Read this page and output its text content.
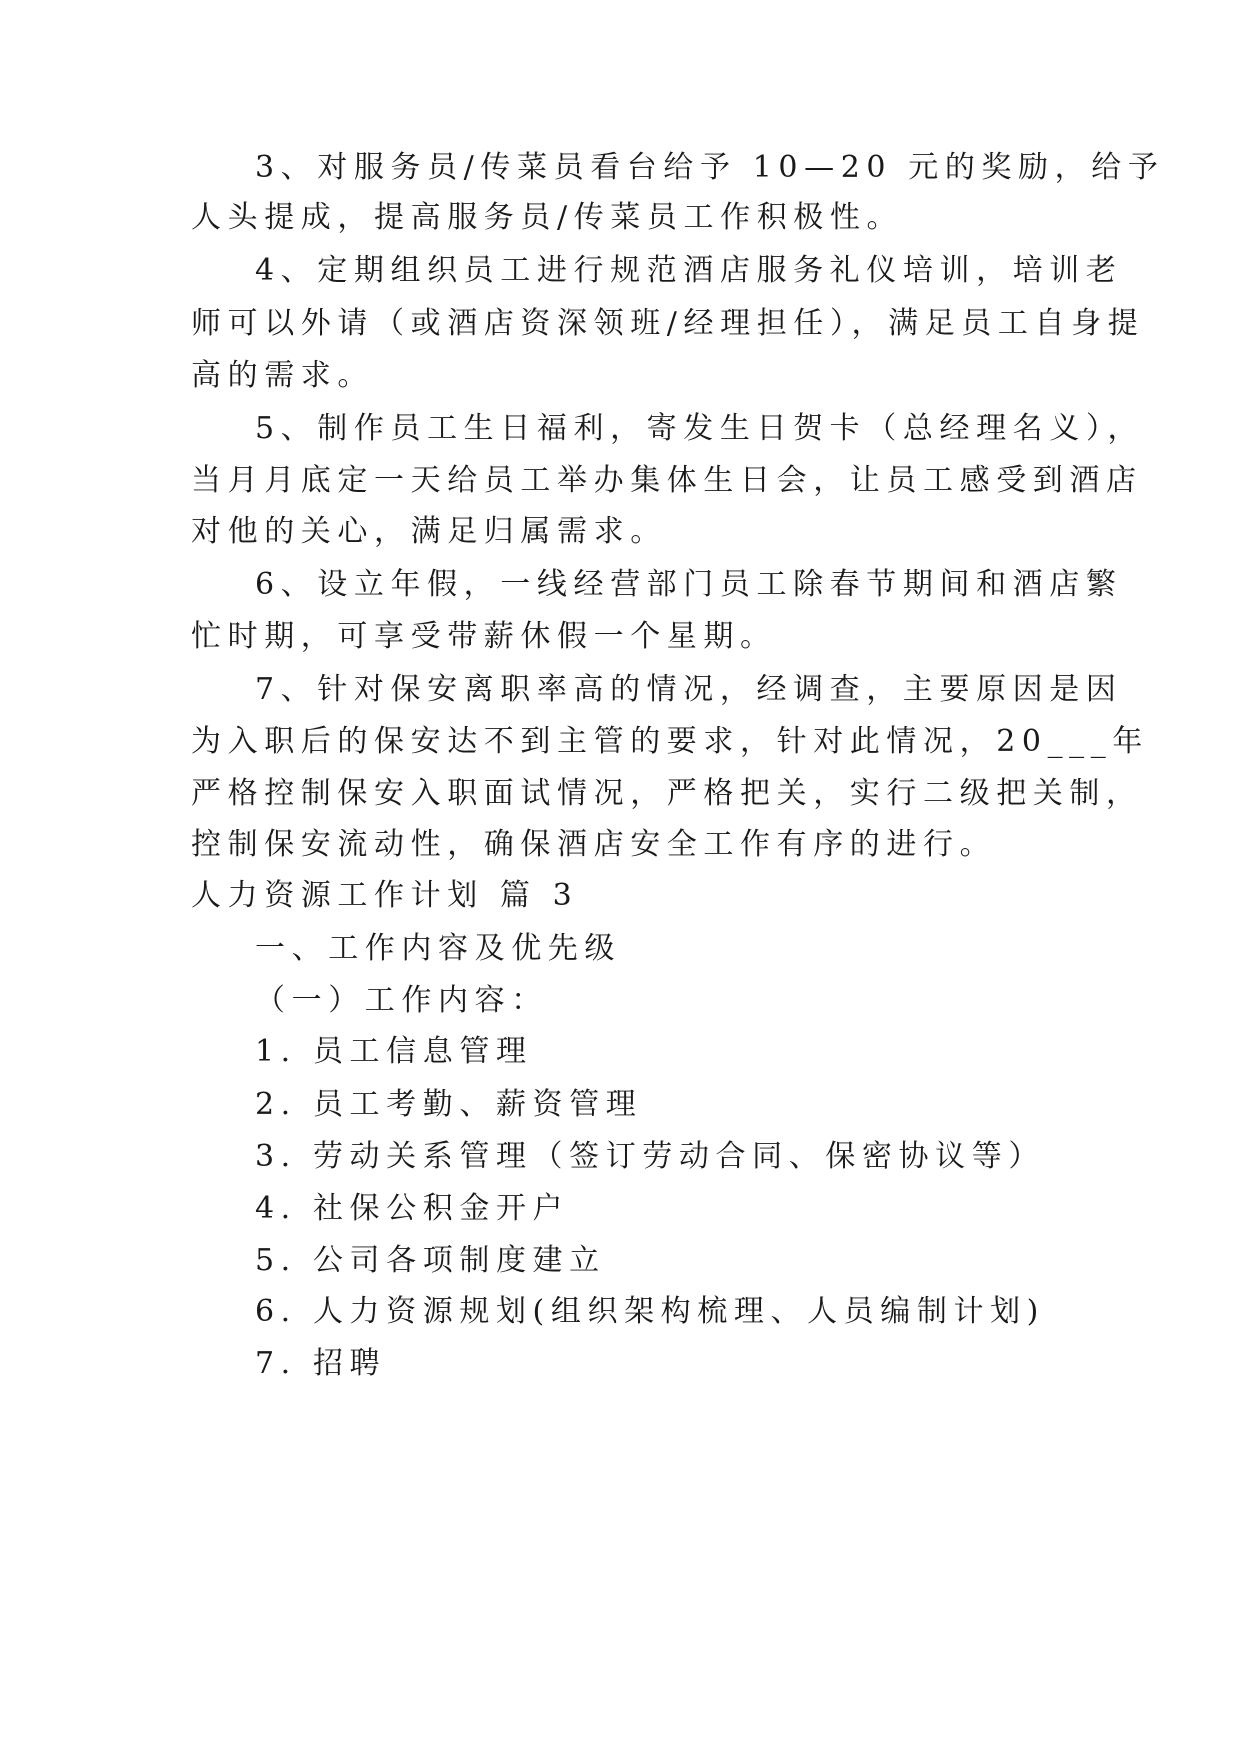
3、对服务员/传菜员看台给予 10—20 元的奖励，给予
人头提成，提高服务员/传菜员工作积极性。
4、定期组织员工进行规范酒店服务礼仪培训，培训老
师可以外请（或酒店资深领班/经理担任），满足员工自身提
高的需求。
5、制作员工生日福利，寄发生日贺卡（总经理名义），
当月月底定一天给员工举办集体生日会，让员工感受到酒店
对他的关心，满足归属需求。
6、设立年假，一线经营部门员工除春节期间和酒店繁
忙时期，可享受带薪休假一个星期。
7、针对保安离职率高的情况，经调查，主要原因是因
为入职后的保安达不到主管的要求，针对此情况，20___年
严格控制保安入职面试情况，严格把关，实行二级把关制，
控制保安流动性，确保酒店安全工作有序的进行。
人力资源工作计划 篇 3
一、工作内容及优先级
（一）工作内容：
1. 员工信息管理
2. 员工考勤、薪资管理
3. 劳动关系管理（签订劳动合同、保密协议等）
4. 社保公积金开户
5. 公司各项制度建立
6. 人力资源规划(组织架构梳理、人员编制计划)
7. 招聘
